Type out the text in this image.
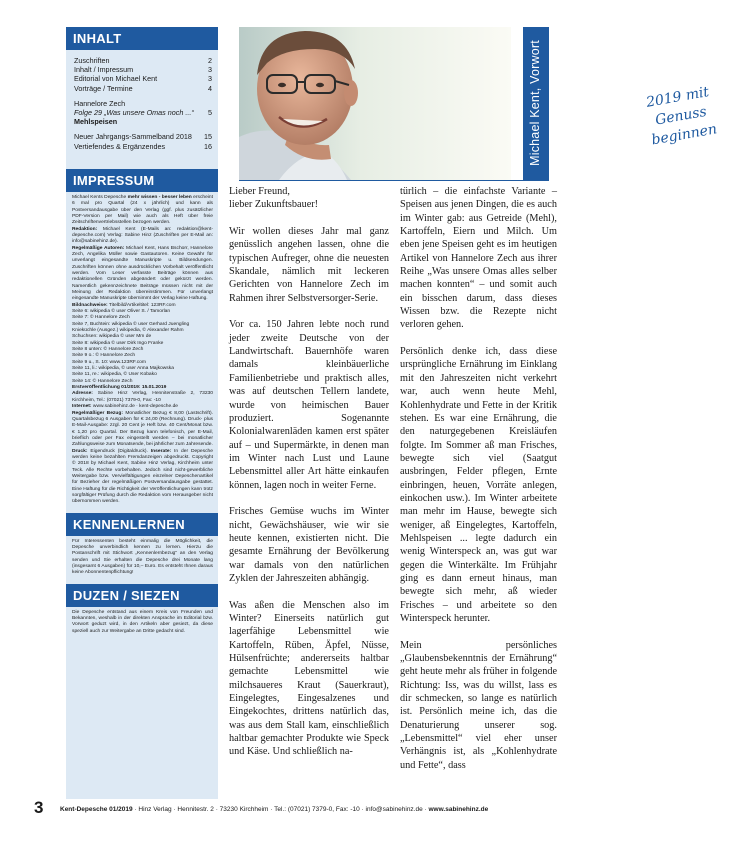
INHALT
Zuschriften	2
Inhalt / Impressum	3
Editorial von Michael Kent	3
Vorträge / Termine	4
Hannelore Zech
Folge 29 „Was unsere Omas noch ...“ 5
Mehlspeisen
Neuer Jahrgangs-Sammelband 2018 15
Vertiefendes & Ergänzendes	16
IMPRESSUM

Michael Kents Depesche mehr wissen - besser leben erscheint 6 mal pro Quartal (24 x jährlich) und kann als Postversandausgabe über den Verlag (ggf. plus zusätzlicher PDF-Version per Mail) wie auch als Heft über freie Zeitschriftenvertriebsstellen bezogen werden.

Redaktion: Michael Kent (E-Mails an: redaktion@kent-depesche.com) Verlag: Sabine Hinz (Zuschriften per E-Mail an: info@sabinehinz.de).

Regelmäßige Autoren: Michael Kent, Hans Bschorr, Hannelore Zech, Angelika Müller sowie Gastautoren. Keine Gewähr für unverlangt eingesandte Manuskripte u. Bildsendungen. Zuschriften können ohne ausdrücklichen Vorbehalt veröffentlicht werden. Vom Leser verfasste Beiträge können aus redaktionellen Gründen abgeändert oder gekürzt werden. Namentlich gekennzeichnete Beiträge müssen nicht mit der Meinung der Redaktion übereinstimmen. Für unverlangt eingesandte Manuskripte übernimmt der Verlag keine Haftung.

Bildnachweise: Titelbild/Artikeltitel: 123RF.com

Seite 6: wikipedia © user Oliver S. / Tamorlan

Seite 7: © Hannelore Zech

Seite 7, Buchtein: wikipedia © user Gerhard Juengling

Knieküchle (Ausgez.) wikipedia, © Alexander Rahm

Schuchsen: wikipedia © user Mm de

Seite 8: wikipedia © user Dirk Ingo Franke

Seite 8 unten: © Hannelore Zech

Seite 9 o.: © Hannelore Zech

Seite 9 u., S. 10: www.123RF.com

Seite 11, li.: wikipedia, © user Anna Majkowska

Seite 11, re.: wikipedia, © User Kobako

Seite 14: © Hannelore Zech

Erstveröffentlichung 01/2019: 15.01.2019

Adresse: Sabine Hinz Verlag, Hennitenstraße 2, 73230 Kirchheim, Tel.: (07021) 7379-0, Fax: -10

Internet: www.sabinehinz.de · kent-depesche.de

Regelmäßiger Bezug: Monatlicher Bezug € 8,00 (Lastschrift). Quartalsbezug 6 Ausgaben für € 24,00 (Rechnung). Druck- plus E-Mail-Ausgabe: zzgl. 20 Cent je Heft bzw. 40 Cent/Monat bzw. € 1,20 pro Quartal. Der Bezug kann telefonisch, per E-Mail, brieflich oder per Fax eingestellt werden – bei monatlicher Zahlungsweise zum Monatsende, bei jährlicher zum Jahresende.

Druck: Eigendruck (Digitaldruck). Inserate: In der Depesche werden keine bezahlten Fremdanzeigen abgedruckt. Copyright © 2018 by Michael Kent, Sabine Hinz Verlag, Kirchheim unter Teck. Alle Rechte vorbehalten. Jedoch sind nicht-gewerbliche Weitergabe bzw. Vervielfältigungen einzelner Depeschenartikel für Bezieher der regelmäßigen Postversandausgabe gestattet. Eine Haftung für die Richtigkeit der Veröffentlichungen kann trotz sorgfältiger Prüfung durch die Redaktion vom Herausgeber nicht übernommen werden.

KENNENLERNEN

Für Interessenten besteht einmalig die Möglichkeit, die Depesche unverbindlich kennen zu lernen. Hierzu die Postanschrift mit Stichwort „Kennenlernbezug“ an den Verlag senden und Sie erhalten die Depesche drei Monate lang (insgesamt 6 Ausgaben) für 10,– Euro. Es entsteht Ihnen daraus keine Abonnentenpflichtung!

DUZEN / SIEZEN

Die Depesche entstand aus einem Kreis von Freunden und Bekannten, weshalb in der direkten Ansprache im Editorial bzw. Vorwort geduzt wird, in den Artikeln aber gesiezt, da diese speziell auch zur Weitergabe an Dritte gedacht sind.

2019 mit
Genuss beginnen
Michael Kent, Vorwort

Lieber Freund,
lieber Zukunftsbauer!

Wir wollen dieses Jahr mal ganz genüsslich angehen lassen, ohne die typischen Aufreger, ohne die neuesten Skandale, nämlich mit leckeren Gerichten von Hannelore Zech im Rahmen ihrer Selbstversorger-Serie.

Vor ca. 150 Jahren lebte noch rund jeder zweite Deutsche von der Landwirtschaft. Bauernhöfe waren damals kleinbäuerliche Familienbetriebe und praktisch alles, was auf deutschen Tellern landete, wurde von heimischen Bauer produziert. Sogenannte Kolonialwarenläden kamen erst später auf – und Supermärkte, in denen man im Winter nach Lust und Laune Lebensmittel aller Art hätte einkaufen können, lagen noch in weiter Ferne.

Frisches Gemüse wuchs im Winter nicht, Gewächshäuser, wie wir sie heute kennen, existierten nicht. Die gesamte Ernährung der Bevölkerung war damals von den natürlichen Zyklen der Jahreszeiten abhängig.

Was aßen die Menschen also im Winter? Einerseits natürlich gut lagerfähige Lebensmittel wie Kartoffeln, Rüben, Äpfel, Nüsse, Hülsenfrüchte; andererseits haltbar gemachte Lebensmittel wie milchsaueres Kraut (Sauerkraut), Eingelegtes, Eingesalzenes und Eingekochtes, drittens natürlich das, was aus dem Stall kam, einschließlich haltbar gemachter Produkte wie Speck und Käse. Und schließlich na-

türlich – die einfachste Variante – Speisen aus jenen Dingen, die es auch im Winter gab: aus Getreide (Mehl), Kartoffeln, Eiern und Milch. Um eben jene Speisen geht es im heutigen Artikel von Hannelore Zech aus ihrer Reihe „Was unsere Omas alles selber machen konnten“ – und somit auch ein bisschen darum, dass dieses Wissen bzw. die Rezepte nicht verloren gehen.

Persönlich denke ich, dass diese ursprüngliche Ernährung im Einklang mit den Jahreszeiten nicht verkehrt war, auch wenn heute Mehl, Kohlenhydrate und Fette in der Kritik stehen. Es war eine Ernährung, die den naturgegebenen Kreisläufen folgte. Im Sommer aß man Frisches, bewegte sich viel (Saatgut ausbringen, Felder pflegen, Ernte einbringen, heuen, Vorräte anlegen, einkochen usw.). Im Winter arbeitete man mehr im Hause, bewegte sich weniger, aß Eingelegtes, Kartoffeln, Mehlspeisen ... legte dadurch ein wenig Winterspeck an, was gut war gegen die Winterkälte. Im Frühjahr ging es dann erneut hinaus, man bewegte sich mehr, aß wieder Frisches – und arbeitete so den Winterspeck herunter.

Mein persönliches „Glaubensbekenntnis der Ernährung“ geht heute mehr als früher in folgende Richtung: Iss, was du willst, lass es dir schmecken, so lange es natürlich ist. Persönlich meine ich, das die Denaturierung unserer sog. „Lebensmittel“ viel eher unser Verhängnis ist, als „Kohlenhydrate und Fette“, dass

3	Kent-Depesche 01/2019 · Hinz Verlag · Hennitestr. 2 · 73230 Kirchheim · Tel.: (07021) 7379-0, Fax: -10 · info@sabinehinz.de · www.sabinehinz.de
